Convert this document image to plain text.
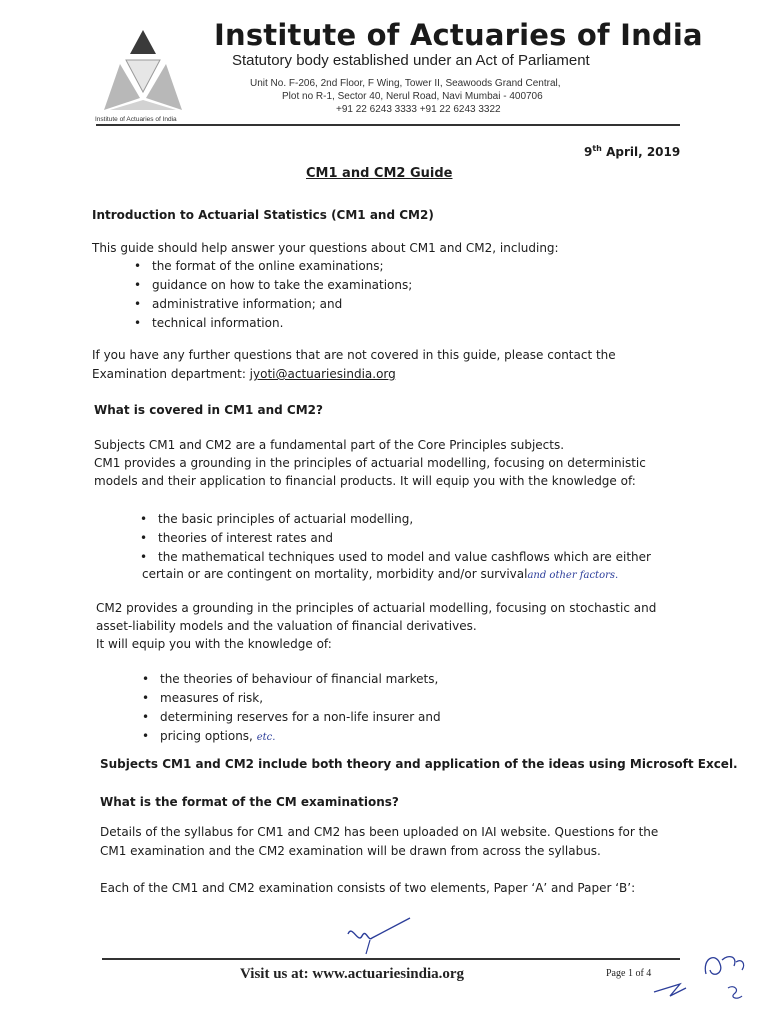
Institute of Actuaries of India
Institute of Actuaries of India
Statutory body established under an Act of Parliament
Unit No. F-206, 2nd Floor, F Wing, Tower II, Seawoods Grand Central,
Plot no R-1, Sector 40, Nerul Road, Navi Mumbai - 400706
+91 22 6243 3333 +91 22 6243 3322
9th April, 2019
CM1 and CM2 Guide
Introduction to Actuarial Statistics (CM1 and CM2)
This guide should help answer your questions about CM1 and CM2, including:
• the format of the online examinations;
• guidance on how to take the examinations;
• administrative information; and
• technical information.
If you have any further questions that are not covered in this guide, please contact the
Examination department: jyoti@actuariesindia.org
What is covered in CM1 and CM2?
Subjects CM1 and CM2 are a fundamental part of the Core Principles subjects.
CM1 provides a grounding in the principles of actuarial modelling, focusing on deterministic
models and their application to financial products. It will equip you with the knowledge of:
• the basic principles of actuarial modelling,
• theories of interest rates and
• the mathematical techniques used to model and value cashflows which are either
certain or are contingent on mortality, morbidity and/or survivaland other factors.
CM2 provides a grounding in the principles of actuarial modelling, focusing on stochastic and
asset-liability models and the valuation of financial derivatives.
It will equip you with the knowledge of:
• the theories of behaviour of financial markets,
• measures of risk,
• determining reserves for a non-life insurer and
• pricing options, etc.
Subjects CM1 and CM2 include both theory and application of the ideas using Microsoft Excel.
What is the format of the CM examinations?
Details of the syllabus for CM1 and CM2 has been uploaded on IAI website. Questions for the
CM1 examination and the CM2 examination will be drawn from across the syllabus.
Each of the CM1 and CM2 examination consists of two elements, Paper ‘A’ and Paper ‘B’:
Visit us at: www.actuariesindia.org	Page 1 of 4
